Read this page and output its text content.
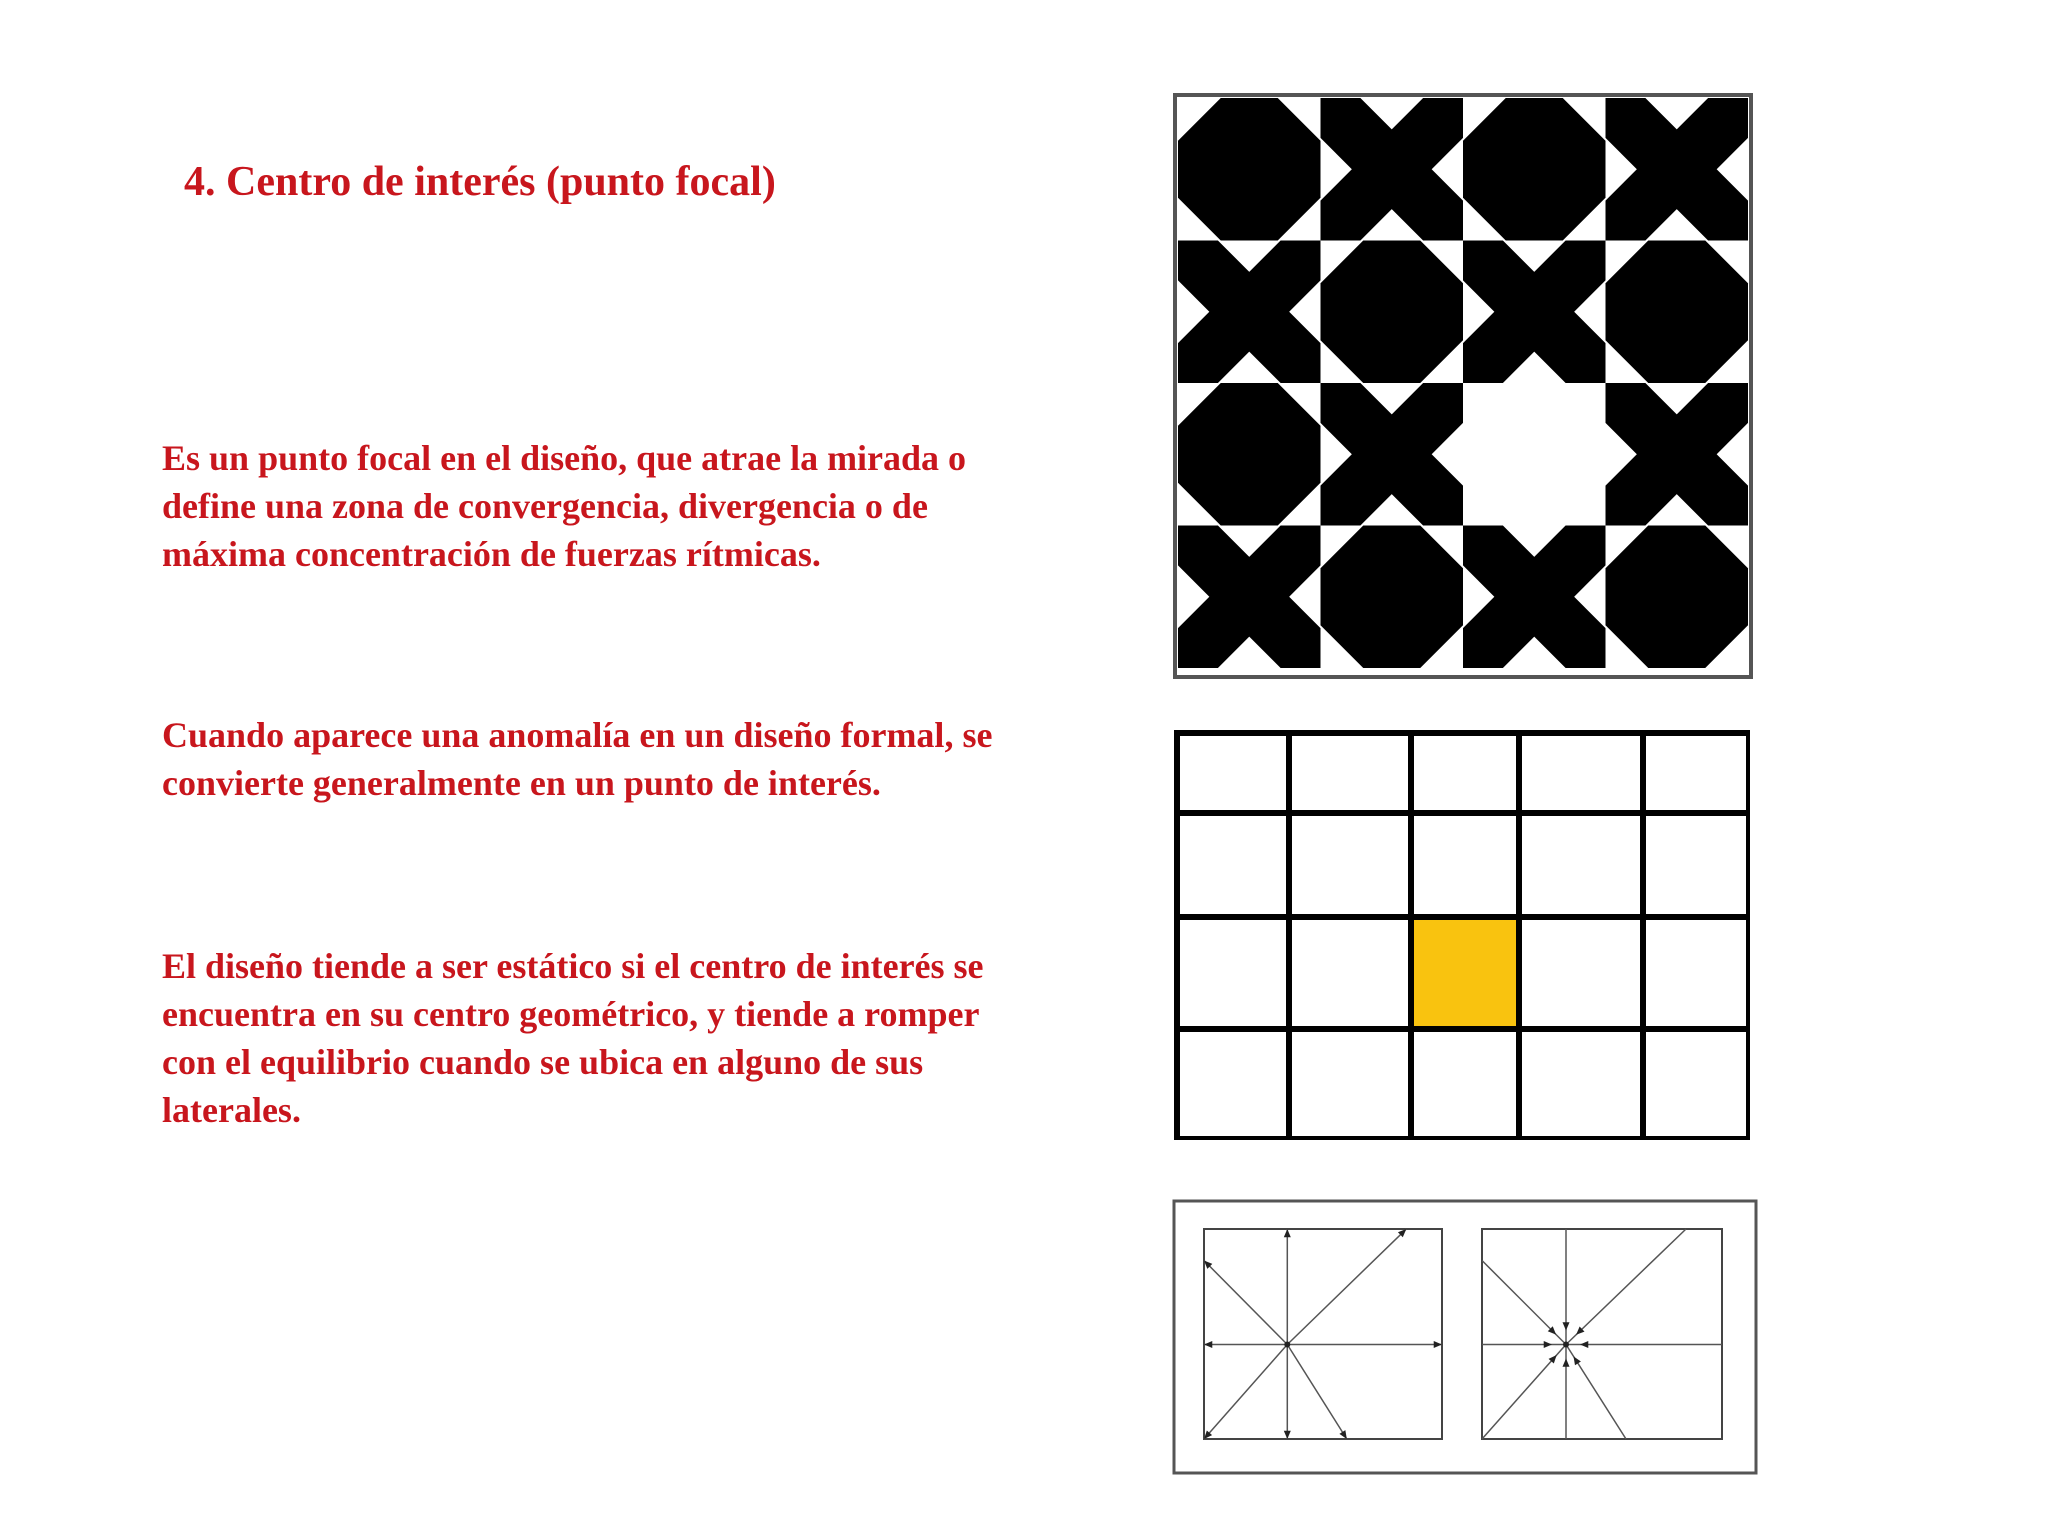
4. Centro de interés (punto focal)

Es un punto focal en el diseño, que atrae la mirada o define una zona de convergencia, divergencia o de máxima concentración de fuerzas rítmicas.

Cuando aparece una anomalía en un diseño formal, se convierte generalmente en un punto de interés.

El diseño tiende a ser estático si el centro de interés se encuentra en su centro geométrico, y tiende a romper con el equilibrio cuando se ubica en alguno de sus laterales.
